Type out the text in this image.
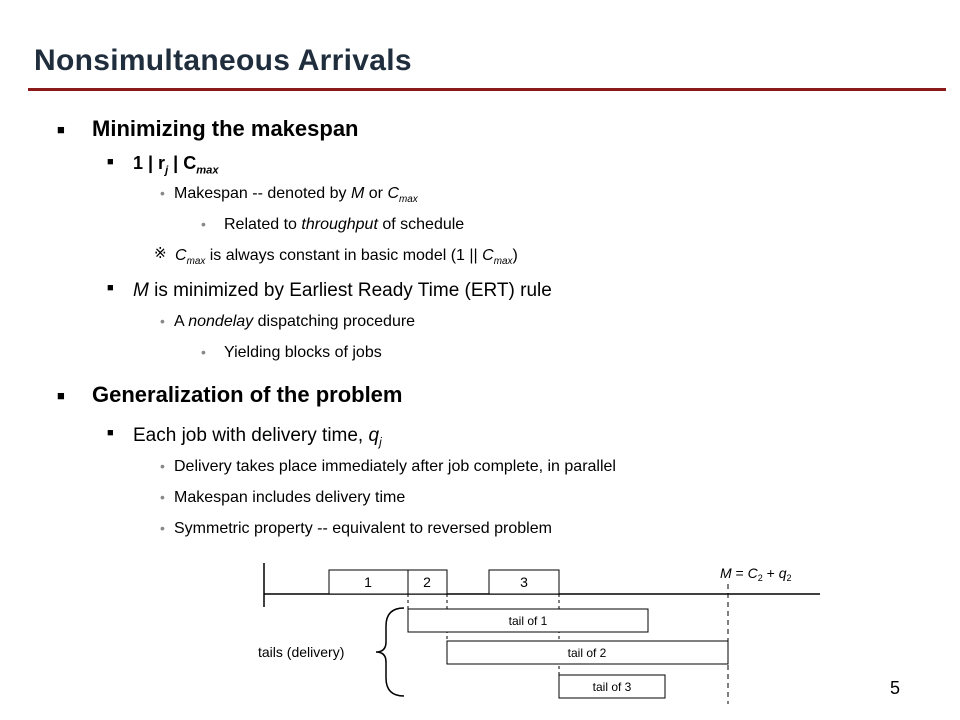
Nonsimultaneous Arrivals
■ Minimizing the makespan
■ 1 | $r_j$ | $C_{max}$
• Makespan -- denoted by M or $C_{max}$
• Related to throughput of schedule
※ $C_{max}$ is always constant in basic model (1 || $C_{max}$)
■ M is minimized by Earliest Ready Time (ERT) rule
• A nondelay dispatching procedure
• Yielding blocks of jobs
■ Generalization of the problem
■ Each job with delivery time, $q_j$
• Delivery takes place immediately after job complete, in parallel
• Makespan includes delivery time
• Symmetric property -- equivalent to reversed problem
1	2	3
tail of 1
tail of 2
tail of 3
tails (delivery)
$M = C_2 + q_2$
5
